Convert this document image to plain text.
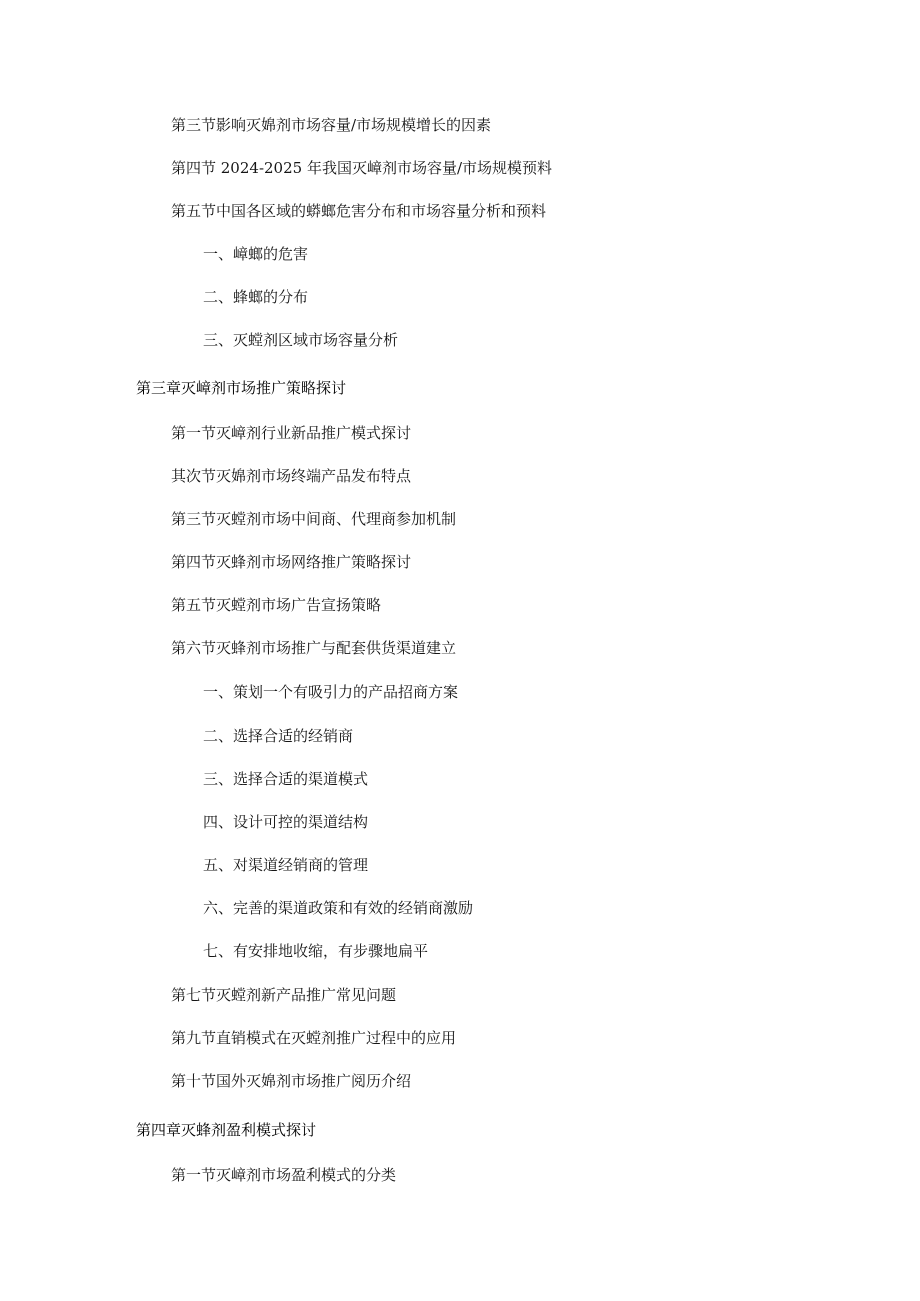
第三节影响灭婂剂市场容量/市场规模增长的因素
第四节 2024-2025 年我国灭嶂剂市场容量/市场规模预料
第五节中国各区域的蟒螂危害分布和市场容量分析和预料
一、嶂螂的危害
二、蜂螂的分布
三、灭螳剂区域市场容量分析
第三章灭嶂剂市场推广策略探讨
第一节灭嶂剂行业新品推广模式探讨
其次节灭婂剂市场终端产品发布特点
第三节灭螳剂市场中间商、代理商参加机制
第四节灭蜂剂市场网络推广策略探讨
第五节灭螳剂市场广告宣扬策略
第六节灭蜂剂市场推广与配套供货渠道建立
一、策划一个有吸引力的产品招商方案
二、选择合适的经销商
三、选择合适的渠道模式
四、设计可控的渠道结构
五、对渠道经销商的管理
六、完善的渠道政策和有效的经销商激励
七、有安排地收缩，有步骤地扁平
第七节灭螳剂新产品推广常见问题
第九节直销模式在灭螳剂推广过程中的应用
第十节国外灭婂剂市场推广阅历介绍
第四章灭蜂剂盈利模式探讨
第一节灭嶂剂市场盈利模式的分类
